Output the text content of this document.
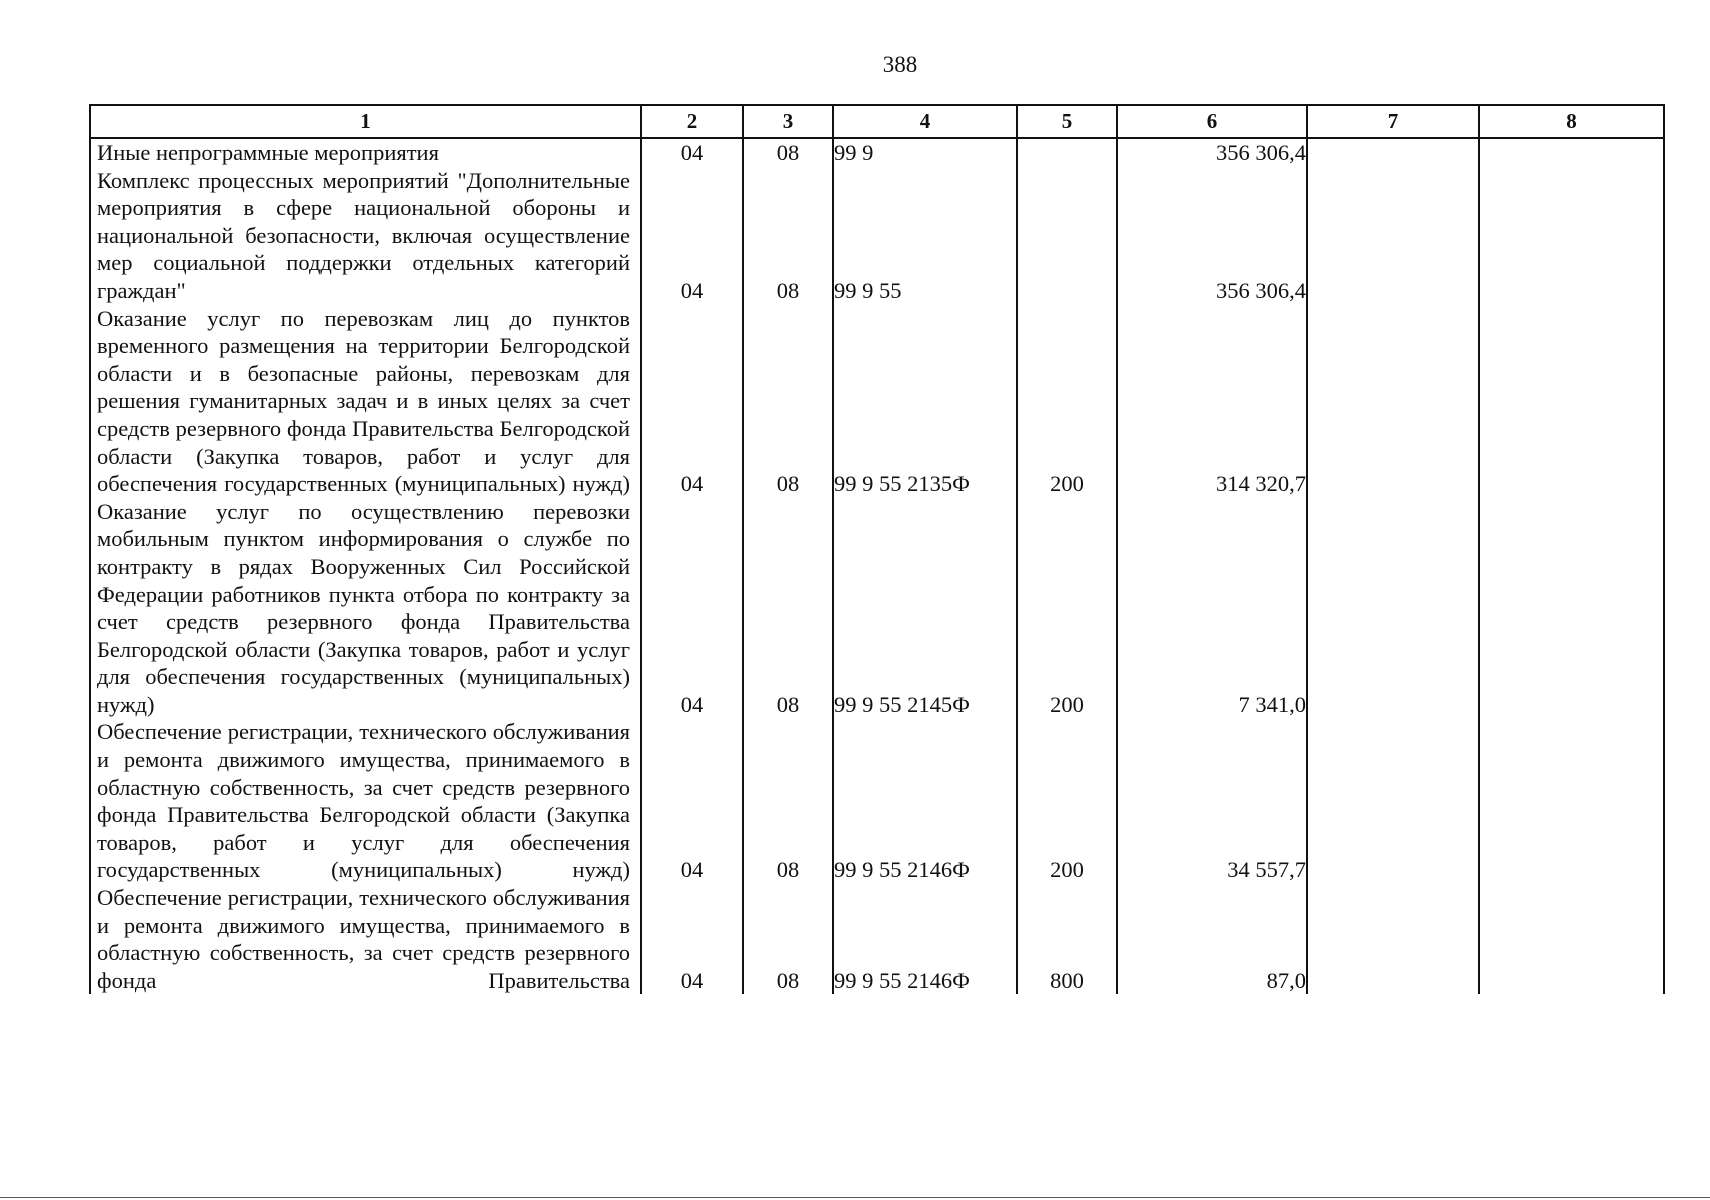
388
1	2	3	4	5	6	7	8
Иные непрограммные мероприятия	04	08	99 9		356 306,4		
Комплекс процессных мероприятий "Дополнительные мероприятия в сфере национальной обороны и национальной безопасности, включая осуществление мер социальной поддержки отдельных категорий граждан"	04	08	99 9 55		356 306,4		
Оказание услуг по перевозкам лиц до пунктов временного размещения на территории Белгородской области и в безопасные районы, перевозкам для решения гуманитарных задач и в иных целях за счет средств резервного фонда Правительства Белгородской области (Закупка товаров, работ и услуг для обеспечения государственных (муниципальных) нужд)	04	08	99 9 55 2135Ф	200	314 320,7		
Оказание услуг по осуществлению перевозки мобильным пунктом информирования о службе по контракту в рядах Вооруженных Сил Российской Федерации работников пункта отбора по контракту за счет средств резервного фонда Правительства Белгородской области (Закупка товаров, работ и услуг для обеспечения государственных (муниципальных) нужд)	04	08	99 9 55 2145Ф	200	7 341,0		
Обеспечение регистрации, технического обслуживания и ремонта движимого имущества, принимаемого в областную собственность, за счет средств резервного фонда Правительства Белгородской области (Закупка товаров, работ и услуг для обеспечения государственных (муниципальных) нужд)	04	08	99 9 55 2146Ф	200	34 557,7		
Обеспечение регистрации, технического обслуживания и ремонта движимого имущества, принимаемого в областную собственность, за счет средств резервного фонда Правительства	04	08	99 9 55 2146Ф	800	87,0		
